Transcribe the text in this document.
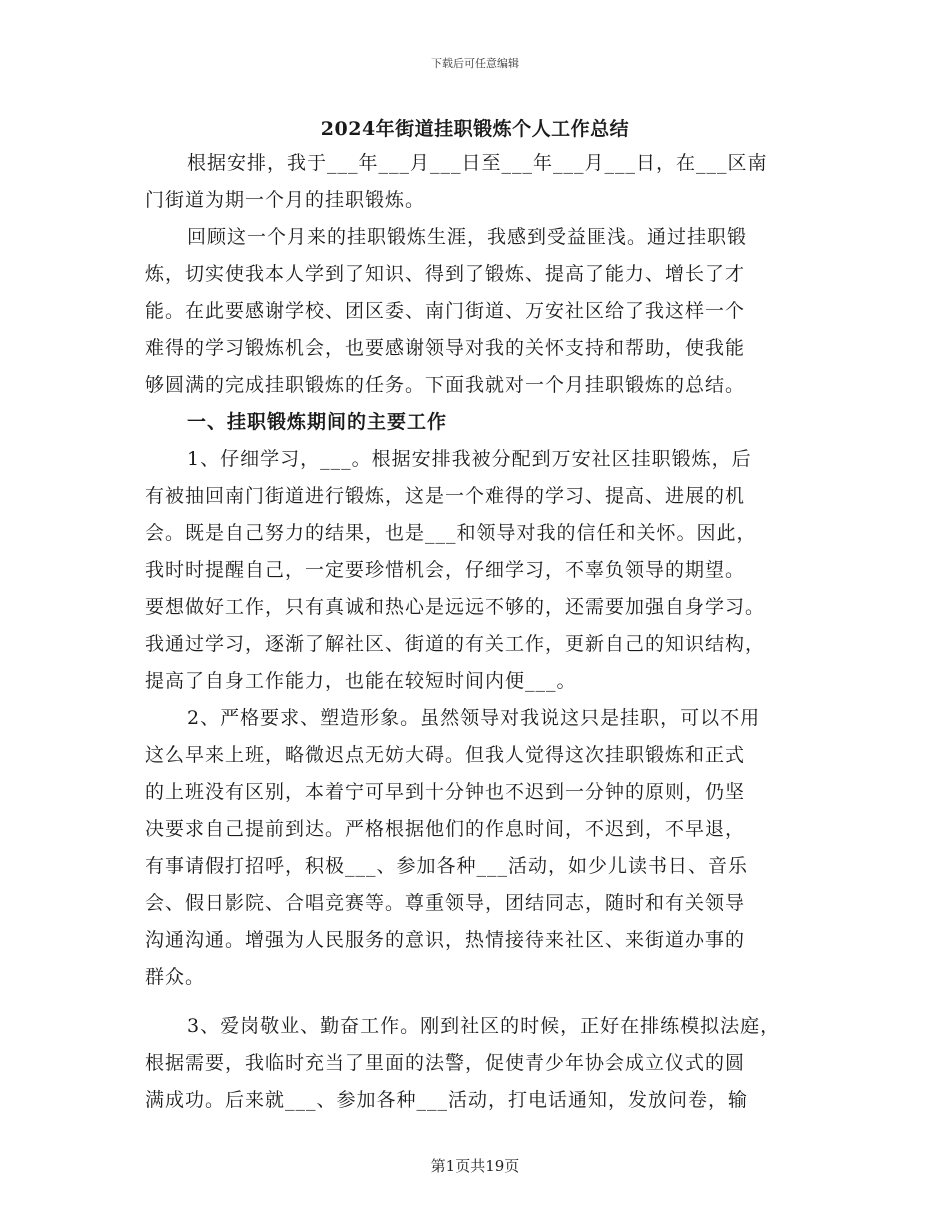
下载后可任意编辑
2024年街道挂职锻炼个人工作总结
根据安排，我于___年___月___日至___年___月___日，在___区南
门街道为期一个月的挂职锻炼。
回顾这一个月来的挂职锻炼生涯，我感到受益匪浅。通过挂职锻
炼，切实使我本人学到了知识、得到了锻炼、提高了能力、增长了才
能。在此要感谢学校、团区委、南门街道、万安社区给了我这样一个
难得的学习锻炼机会，也要感谢领导对我的关怀支持和帮助，使我能
够圆满的完成挂职锻炼的任务。下面我就对一个月挂职锻炼的总结。
一、挂职锻炼期间的主要工作
1、仔细学习，___。根据安排我被分配到万安社区挂职锻炼，后
有被抽回南门街道进行锻炼，这是一个难得的学习、提高、进展的机
会。既是自己努力的结果，也是___和领导对我的信任和关怀。因此，
我时时提醒自己，一定要珍惜机会，仔细学习，不辜负领导的期望。
要想做好工作，只有真诚和热心是远远不够的，还需要加强自身学习。
我通过学习，逐渐了解社区、街道的有关工作，更新自己的知识结构，
提高了自身工作能力，也能在较短时间内便___。
2、严格要求、塑造形象。虽然领导对我说这只是挂职，可以不用
这么早来上班，略微迟点无妨大碍。但我人觉得这次挂职锻炼和正式
的上班没有区别，本着宁可早到十分钟也不迟到一分钟的原则，仍坚
决要求自己提前到达。严格根据他们的作息时间，不迟到，不早退，
有事请假打招呼，积极___、参加各种___活动，如少儿读书日、音乐
会、假日影院、合唱竞赛等。尊重领导，团结同志，随时和有关领导
沟通沟通。增强为人民服务的意识，热情接待来社区、来街道办事的
群众。
3、爱岗敬业、勤奋工作。刚到社区的时候，正好在排练模拟法庭，
根据需要，我临时充当了里面的法警，促使青少年协会成立仪式的圆
满成功。后来就___、参加各种___活动，打电话通知，发放问卷，输
第1页共19页
